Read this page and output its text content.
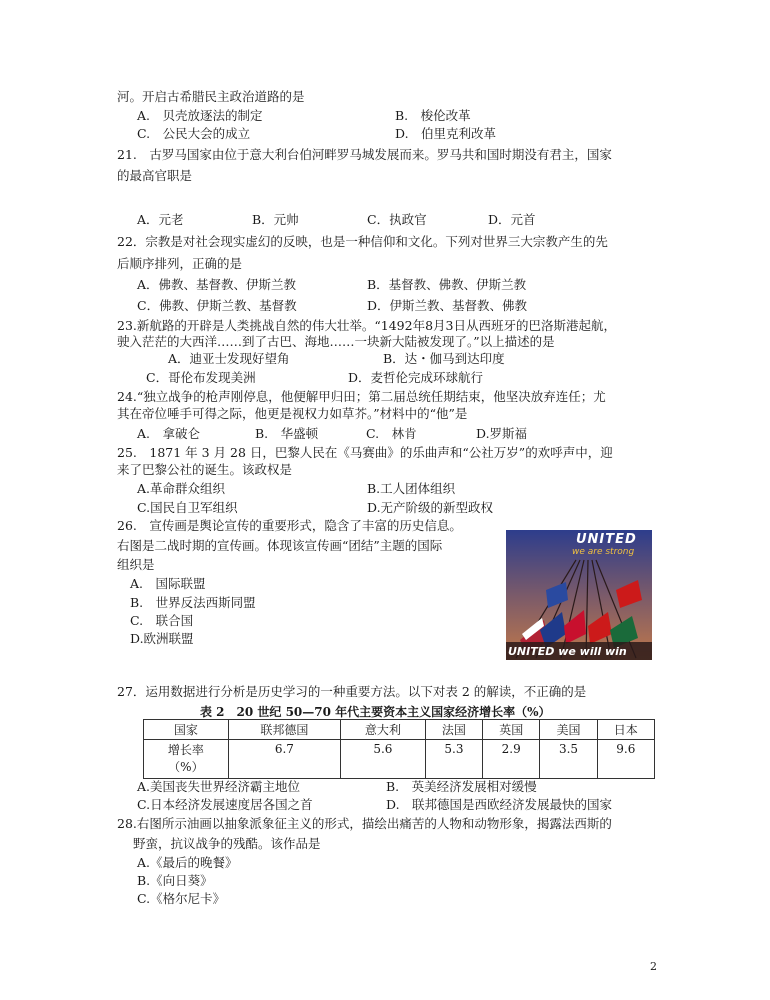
河。开启古希腊民主政治道路的是
A.　贝壳放逐法的制定	B.　梭伦改革
C.　公民大会的成立	D.　伯里克利改革
21.　古罗马国家由位于意大利台伯河畔罗马城发展而来。罗马共和国时期没有君主，国家
的最高官职是
A．元老	B．元帅	C．执政官	D．元首
22．宗教是对社会现实虚幻的反映，也是一种信仰和文化。下列对世界三大宗教产生的先
后顺序排列，正确的是
A．佛教、基督教、伊斯兰教	B．基督教、佛教、伊斯兰教
C．佛教、伊斯兰教、基督教	D．伊斯兰教、基督教、佛教
23.新航路的开辟是人类挑战自然的伟大壮举。“1492年8月3日从西班牙的巴洛斯港起航，
驶入茫茫的大西洋……到了古巴、海地……一块新大陆被发现了。”以上描述的是
A．迪亚士发现好望角	B．达・伽马到达印度
C．哥伦布发现美洲	D．麦哲伦完成环球航行
24.“独立战争的枪声刚停息，他便解甲归田；第二届总统任期结束，他坚决放弃连任；尤
其在帝位唾手可得之际，他更是视权力如草芥。”材料中的“他”是
A.　拿破仑	B.　华盛顿	C.　林肯	D.罗斯福
25.　1871 年 3 月 28 日，巴黎人民在《马赛曲》的乐曲声和“公社万岁”的欢呼声中，迎
来了巴黎公社的诞生。该政权是
A.革命群众组织	B.工人团体组织
C.国民自卫军组织	D.无产阶级的新型政权
26.　宣传画是舆论宣传的重要形式，隐含了丰富的历史信息。
右图是二战时期的宣传画。体现该宣传画“团结”主题的国际
组织是
A.　国际联盟
B.　世界反法西斯同盟
C.　联合国
D.欧洲联盟
UNITED
we are strong
UNITED we will win
27．运用数据进行分析是历史学习的一种重要方法。以下对表 2 的解读，不正确的是
表 2　20 世纪 50—70 年代主要资本主义国家经济增长率（%）
国家	联邦德国	意大利	法国	英国	美国	日本

增长率
（%）	6.7	5.6	5.3	2.9	3.5	9.6
A.美国丧失世界经济霸主地位	B.　英美经济发展相对缓慢
C.日本经济发展速度居各国之首	D.　联邦德国是西欧经济发展最快的国家
28.右图所示油画以抽象派象征主义的形式，描绘出痛苦的人物和动物形象，揭露法西斯的
野蛮，抗议战争的残酷。该作品是
A.《最后的晚餐》
B.《向日葵》
C.《格尔尼卡》
2
